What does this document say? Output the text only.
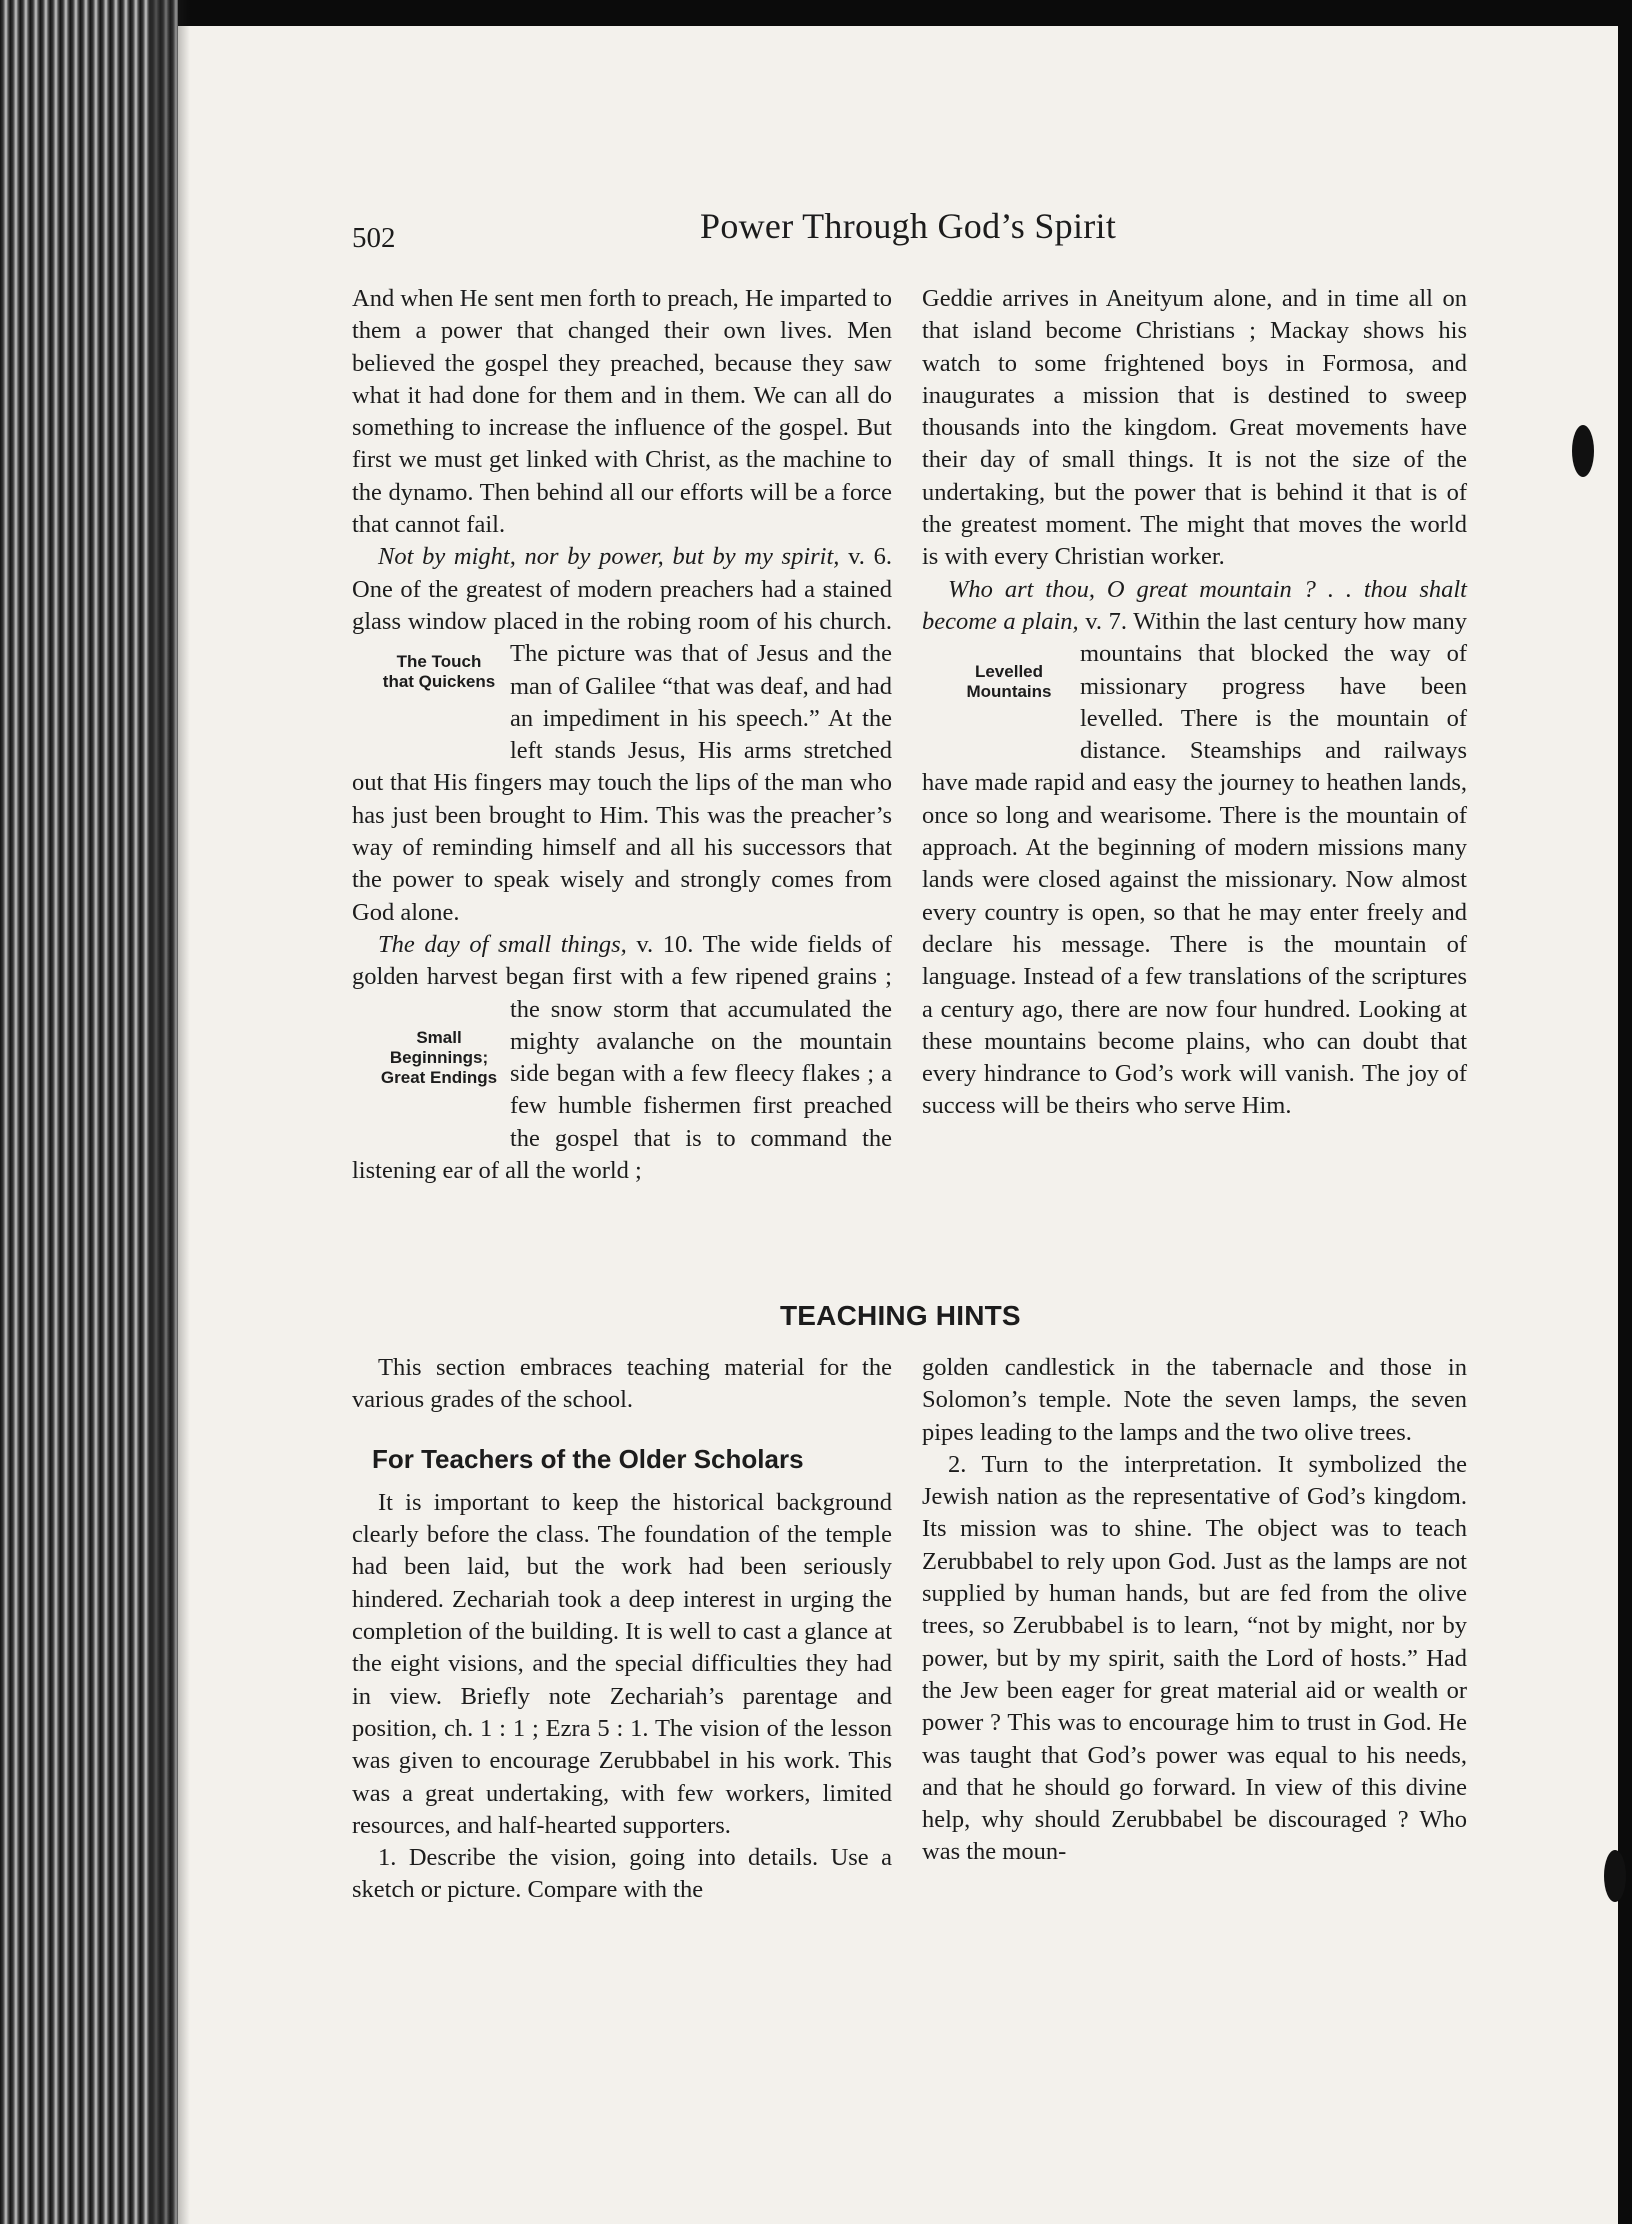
502	Power Through God’s Spirit

And when He sent men forth to preach, He imparted to them a power that changed their own lives. Men believed the gospel they preached, because they saw what it had done for them and in them. We can all do something to increase the influence of the gospel. But first we must get linked with Christ, as the machine to the dynamo. Then behind all our efforts will be a force that cannot fail.

Not by might, nor by power, but by my spirit, v. 6. One of the greatest of modern preachers had a stained glass window placed in the robing room of his church.
The Touch
that Quickens
The picture was that of Jesus and the man of Galilee “that was deaf, and had an impediment in his speech.” At the left stands Jesus, His arms stretched out that His fingers may touch the lips of the man who has just been brought to Him. This was the preacher’s way of reminding himself and all his successors that the power to speak wisely and strongly comes from God alone.

The day of small things, v. 10. The wide fields of golden harvest began first with a few ripened grains ; the
Small
Beginnings;
Great Endings
snow storm that accumulated the mighty avalanche on the mountain side began with a few fleecy flakes ; a few humble fishermen first preached the gospel that is to command the listening ear of all the world ;

Geddie arrives in Aneityum alone, and in time all on that island become Christians ; Mackay shows his watch to some frightened boys in Formosa, and inaugurates a mission that is destined to sweep thousands into the kingdom. Great movements have their day of small things. It is not the size of the undertaking, but the power that is behind it that is of the greatest moment. The might that moves the world is with every Christian worker.

Who art thou, O great mountain ? . . thou shalt become a plain, v. 7. Within the last century how many mountains that blocked
Levelled
Mountains
the way of missionary progress have been levelled. There is the mountain of distance. Steamships and railways have made rapid and easy the journey to heathen lands, once so long and wearisome. There is the mountain of approach. At the beginning of modern missions many lands were closed against the missionary. Now almost every country is open, so that he may enter freely and declare his message. There is the mountain of language. Instead of a few translations of the scriptures a century ago, there are now four hundred. Looking at these mountains become plains, who can doubt that every hindrance to God’s work will vanish. The joy of success will be theirs who serve Him.

TEACHING HINTS

This section embraces teaching material for the various grades of the school.

For Teachers of the Older Scholars

It is important to keep the historical background clearly before the class. The foundation of the temple had been laid, but the work had been seriously hindered. Zechariah took a deep interest in urging the completion of the building. It is well to cast a glance at the eight visions, and the special difficulties they had in view. Briefly note Zechariah’s parentage and position, ch. 1 : 1 ; Ezra 5 : 1. The vision of the lesson was given to encourage Zerubbabel in his work. This was a great undertaking, with few workers, limited resources, and half-hearted supporters.

1. Describe the vision, going into details. Use a sketch or picture. Compare with the

golden candlestick in the tabernacle and those in Solomon’s temple. Note the seven lamps, the seven pipes leading to the lamps and the two olive trees.

2. Turn to the interpretation. It symbolized the Jewish nation as the representative of God’s kingdom. Its mission was to shine. The object was to teach Zerubbabel to rely upon God. Just as the lamps are not supplied by human hands, but are fed from the olive trees, so Zerubbabel is to learn, “not by might, nor by power, but by my spirit, saith the Lord of hosts.” Had the Jew been eager for great material aid or wealth or power ? This was to encourage him to trust in God. He was taught that God’s power was equal to his needs, and that he should go forward. In view of this divine help, why should Zerubbabel be discouraged ? Who was the moun-
